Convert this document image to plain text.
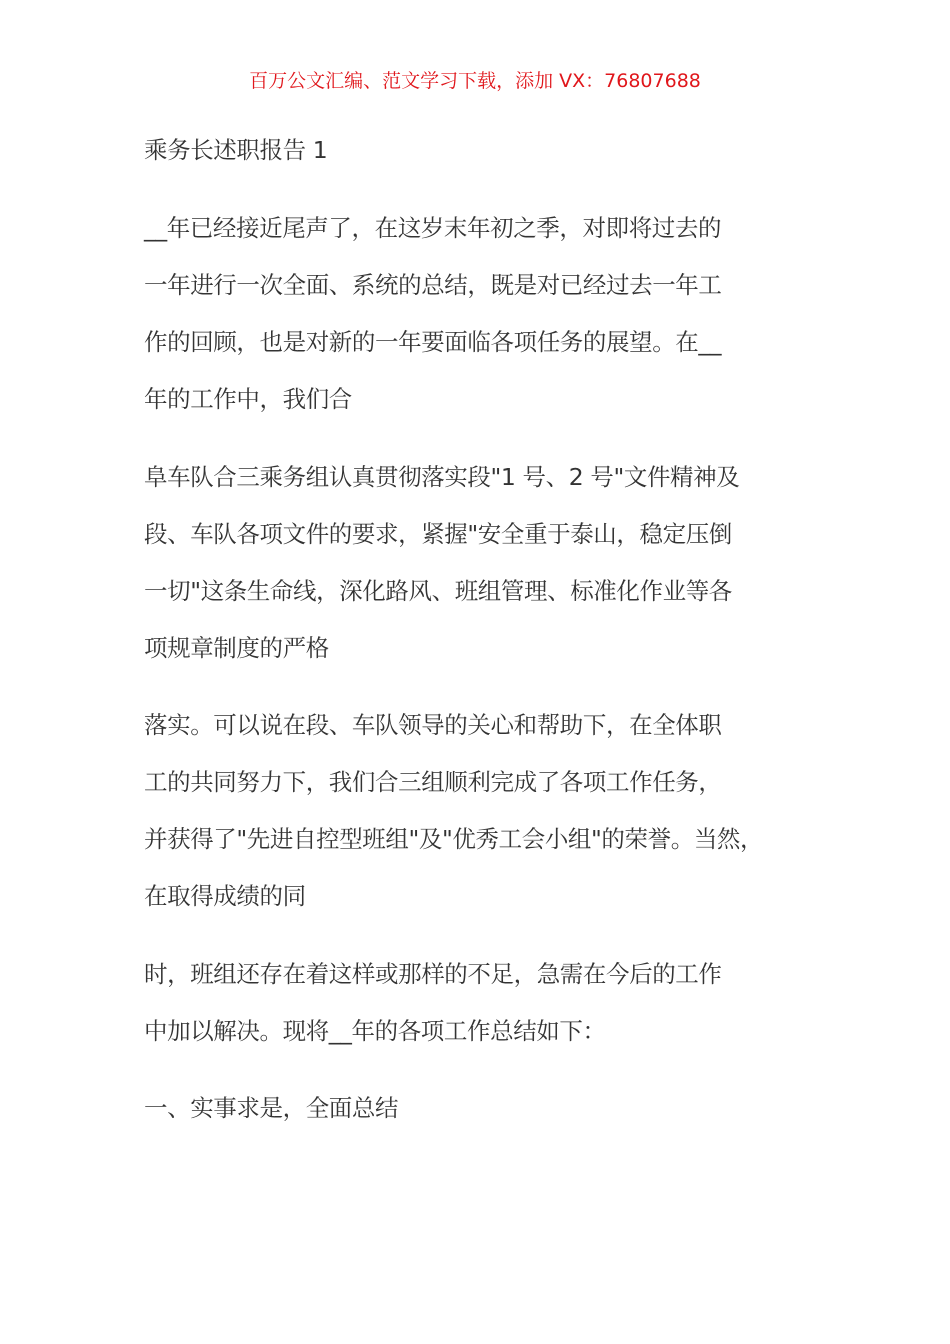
百万公文汇编、范文学习下载，添加 VX：76807688
乘务长述职报告 1
__年已经接近尾声了，在这岁末年初之季，对即将过去的
一年进行一次全面、系统的总结，既是对已经过去一年工
作的回顾，也是对新的一年要面临各项任务的展望。在__
年的工作中，我们合
阜车队合三乘务组认真贯彻落实段"1 号、2 号"文件精神及
段、车队各项文件的要求，紧握"安全重于泰山，稳定压倒
一切"这条生命线，深化路风、班组管理、标准化作业等各
项规章制度的严格
落实。可以说在段、车队领导的关心和帮助下，在全体职
工的共同努力下，我们合三组顺利完成了各项工作任务，
并获得了"先进自控型班组"及"优秀工会小组"的荣誉。当然，
在取得成绩的同
时，班组还存在着这样或那样的不足，急需在今后的工作
中加以解决。现将__年的各项工作总结如下：
一、实事求是，全面总结
